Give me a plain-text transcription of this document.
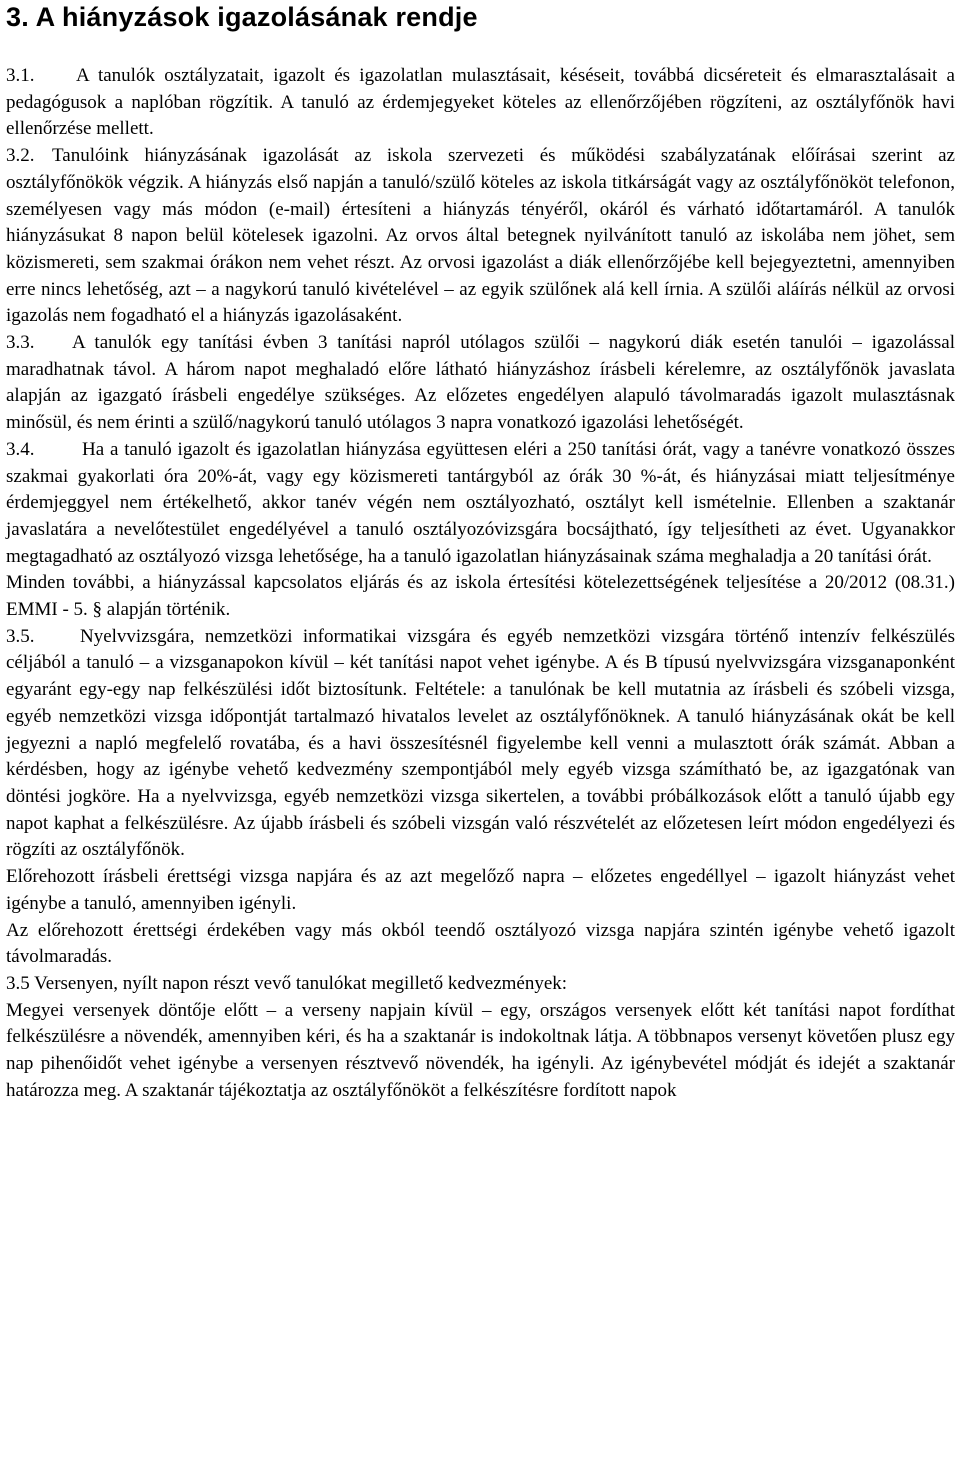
3. A hiányzások igazolásának rendje

3.1. A tanulók osztályzatait, igazolt és igazolatlan mulasztásait, késéseit, továbbá dicséreteit és elmarasztalásait a pedagógusok a naplóban rögzítik. A tanuló az érdemjegyeket köteles az ellenőrzőjében rögzíteni, az osztályfőnök havi ellenőrzése mellett.

3.2. Tanulóink hiányzásának igazolását az iskola szervezeti és működési szabályzatának előírásai szerint az osztályfőnökök végzik. A hiányzás első napján a tanuló/szülő köteles az iskola titkárságát vagy az osztályfőnököt telefonon, személyesen vagy más módon (e-mail) értesíteni a hiányzás tényéről, okáról és várható időtartamáról. A tanulók hiányzásukat 8 napon belül kötelesek igazolni. Az orvos által betegnek nyilvánított tanuló az iskolába nem jöhet, sem közismereti, sem szakmai órákon nem vehet részt. Az orvosi igazolást a diák ellenőrzőjébe kell bejegyeztetni, amennyiben erre nincs lehetőség, azt – a nagykorú tanuló kivételével – az egyik szülőnek alá kell írnia. A szülői aláírás nélkül az orvosi igazolás nem fogadható el a hiányzás igazolásaként.

3.3. A tanulók egy tanítási évben 3 tanítási napról utólagos szülői – nagykorú diák esetén tanulói – igazolással maradhatnak távol. A három napot meghaladó előre látható hiányzáshoz írásbeli kérelemre, az osztályfőnök javaslata alapján az igazgató írásbeli engedélye szükséges. Az előzetes engedélyen alapuló távolmaradás igazolt mulasztásnak minősül, és nem érinti a szülő/nagykorú tanuló utólagos 3 napra vonatkozó igazolási lehetőségét.

3.4.	Ha a tanuló igazolt és igazolatlan hiányzása együttesen eléri a 250 tanítási órát, vagy a tanévre vonatkozó összes szakmai gyakorlati óra 20%-át, vagy egy közismereti tantárgyból az órák 30 %-át, és hiányzásai miatt teljesítménye érdemjeggyel nem értékelhető, akkor tanév végén nem osztályozható, osztályt kell ismételnie. Ellenben a szaktanár javaslatára a nevelőtestület engedélyével a tanuló osztályozóvizsgára bocsájtható, így teljesítheti az évet. Ugyanakkor megtagadható az osztályozó vizsga lehetősége, ha a tanuló igazolatlan hiányzásainak száma meghaladja a 20 tanítási órát.

Minden további, a hiányzással kapcsolatos eljárás és az iskola értesítési kötelezettségének teljesítése a 20/2012 (08.31.) EMMI - 5. § alapján történik.

3.5. Nyelvvizsgára, nemzetközi informatikai vizsgára és egyéb nemzetközi vizsgára történő intenzív felkészülés céljából a tanuló – a vizsganapokon kívül – két tanítási napot vehet igénybe. A és B típusú nyelvvizsgára vizsganaponként egyaránt egy-egy nap felkészülési időt biztosítunk. Feltétele: a tanulónak be kell mutatnia az írásbeli és szóbeli vizsga, egyéb nemzetközi vizsga időpontját tartalmazó hivatalos levelet az osztályfőnöknek. A tanuló hiányzásának okát be kell jegyezni a napló megfelelő rovatába, és a havi összesítésnél figyelembe kell venni a mulasztott órák számát. Abban a kérdésben, hogy az igénybe vehető kedvezmény szempontjából mely egyéb vizsga számítható be, az igazgatónak van döntési jogköre. Ha a nyelvvizsga, egyéb nemzetközi vizsga sikertelen, a további próbálkozások előtt a tanuló újabb egy napot kaphat a felkészülésre. Az újabb írásbeli és szóbeli vizsgán való részvételét az előzetesen leírt módon engedélyezi és rögzíti az osztályfőnök.

Előrehozott írásbeli érettségi vizsga napjára és az azt megelőző napra – előzetes engedéllyel – igazolt hiányzást vehet igénybe a tanuló, amennyiben igényli.

Az előrehozott érettségi érdekében vagy más okból teendő osztályozó vizsga napjára szintén igénybe vehető igazolt távolmaradás.

3.5 Versenyen, nyílt napon részt vevő tanulókat megillető kedvezmények:

Megyei versenyek döntője előtt – a verseny napjain kívül – egy, országos versenyek előtt két tanítási napot fordíthat felkészülésre a növendék, amennyiben kéri, és ha a szaktanár is indokoltnak látja. A többnapos versenyt követően plusz egy nap pihenőidőt vehet igénybe a versenyen résztvevő növendék, ha igényli. Az igénybevétel módját és idejét a szaktanár határozza meg. A szaktanár tájékoztatja az osztályfőnököt a felkészítésre fordított napok
